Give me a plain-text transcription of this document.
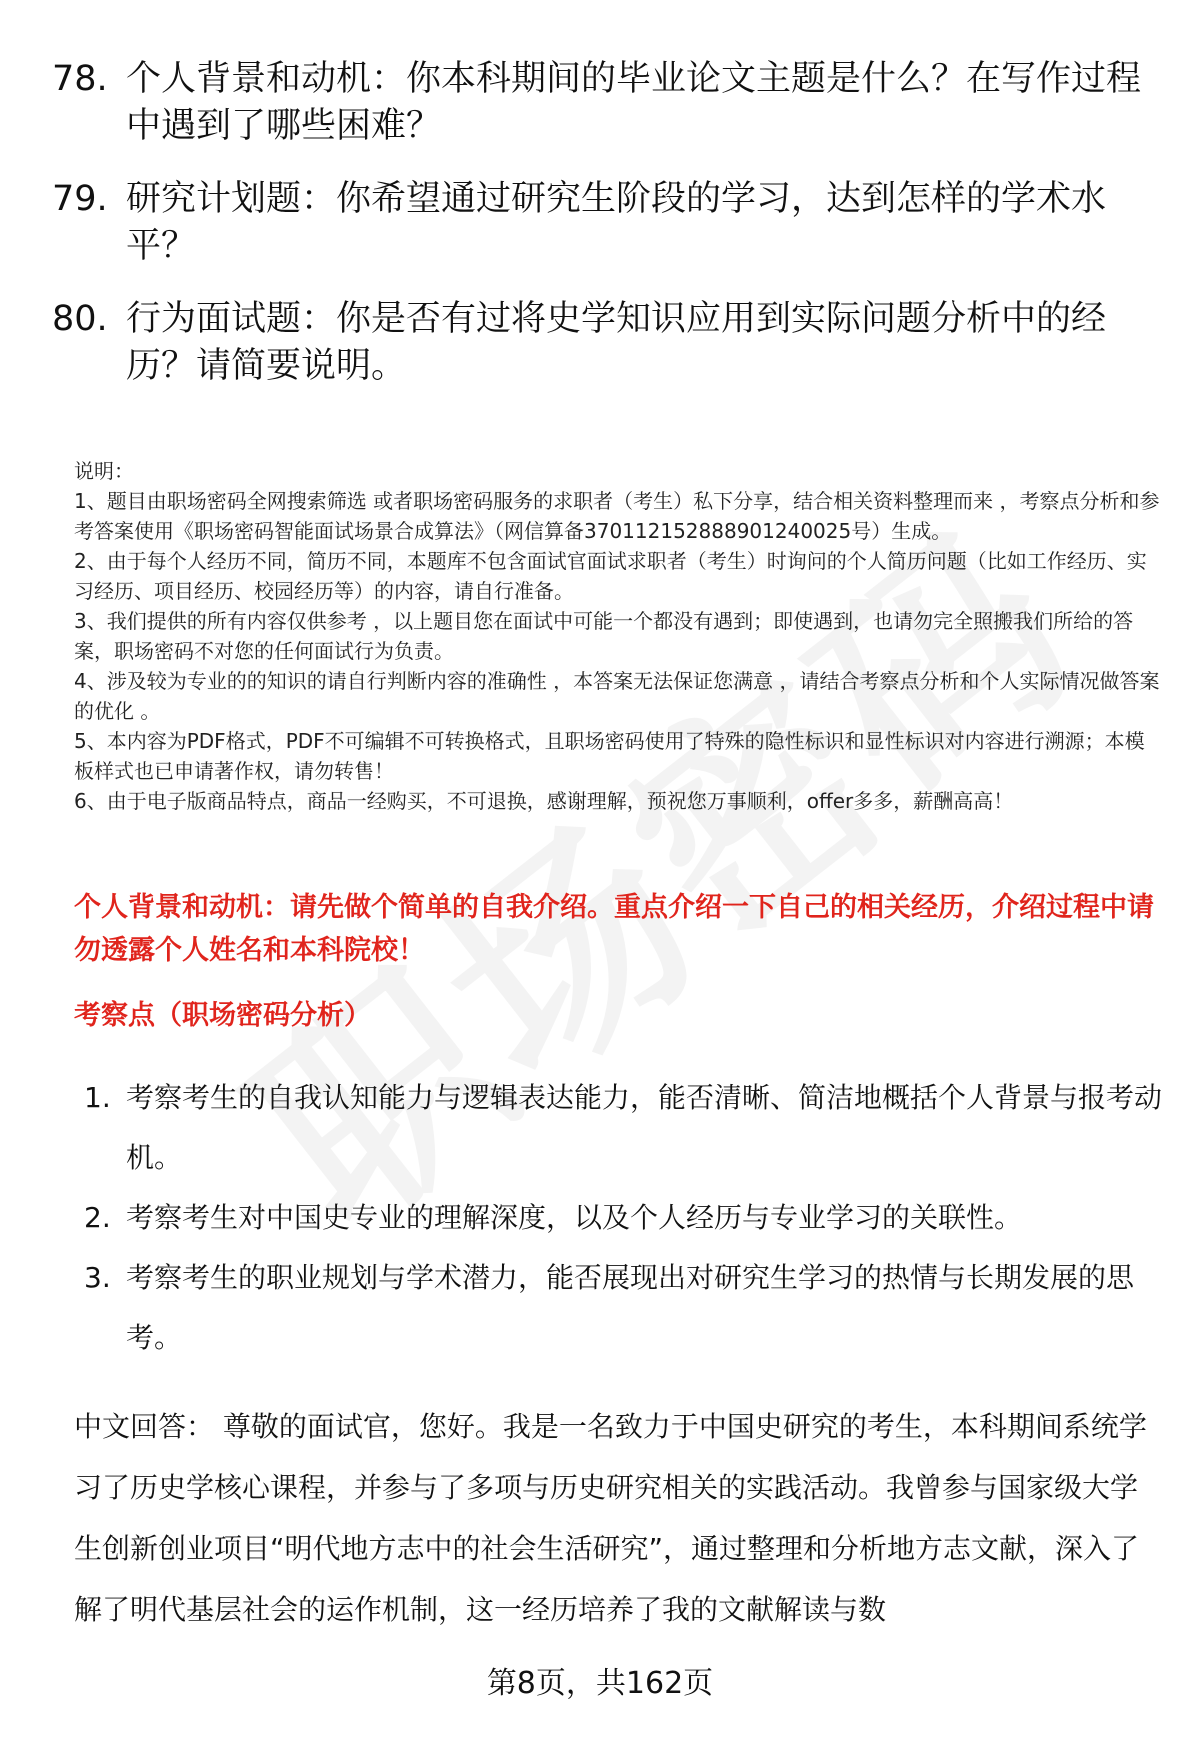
78. 个人背景和动机：你本科期间的毕业论文主题是什么？在写作过程中遇到了哪些困难？
79. 研究计划题：你希望通过研究生阶段的学习，达到怎样的学术水平？
80. 行为面试题：你是否有过将史学知识应用到实际问题分析中的经历？请简要说明。

说明：

1、题目由职场密码全网搜索筛选 或者职场密码服务的求职者（考生）私下分享，结合相关资料整理而来 ，考察点分析和参考答案使用《职场密码智能面试场景合成算法》（网信算备370112152888901240025号）生成。

2、由于每个人经历不同，简历不同，本题库不包含面试官面试求职者（考生）时询问的个人简历问题（比如工作经历、实习经历、项目经历、校园经历等）的内容，请自行准备。

3、我们提供的所有内容仅供参考 ，以上题目您在面试中可能一个都没有遇到；即使遇到，也请勿完全照搬我们所给的答案，职场密码不对您的任何面试行为负责。

4、涉及较为专业的的知识的请自行判断内容的准确性 ，本答案无法保证您满意 ，请结合考察点分析和个人实际情况做答案的优化 。

5、本内容为PDF格式，PDF不可编辑不可转换格式，且职场密码使用了特殊的隐性标识和显性标识对内容进行溯源；本模板样式也已申请著作权，请勿转售！

6、由于电子版商品特点，商品一经购买，不可退换，感谢理解，预祝您万事顺利，offer多多，薪酬高高！

个人背景和动机：请先做个简单的自我介绍。重点介绍一下自己的相关经历，介绍过程中请勿透露个人姓名和本科院校！
考察点（职场密码分析）
1. 考察考生的自我认知能力与逻辑表达能力，能否清晰、简洁地概括个人背景与报考动机。
2. 考察考生对中国史专业的理解深度，以及个人经历与专业学习的关联性。
3. 考察考生的职业规划与学术潜力，能否展现出对研究生学习的热情与长期发展的思考。
中文回答： 尊敬的面试官，您好。我是一名致力于中国史研究的考生，本科期间系统学习了历史学核心课程，并参与了多项与历史研究相关的实践活动。我曾参与国家级大学生创新创业项目“明代地方志中的社会生活研究”，通过整理和分析地方志文献，深入了解了明代基层社会的运作机制，这一经历培养了我的文献解读与数
第8页，共162页
